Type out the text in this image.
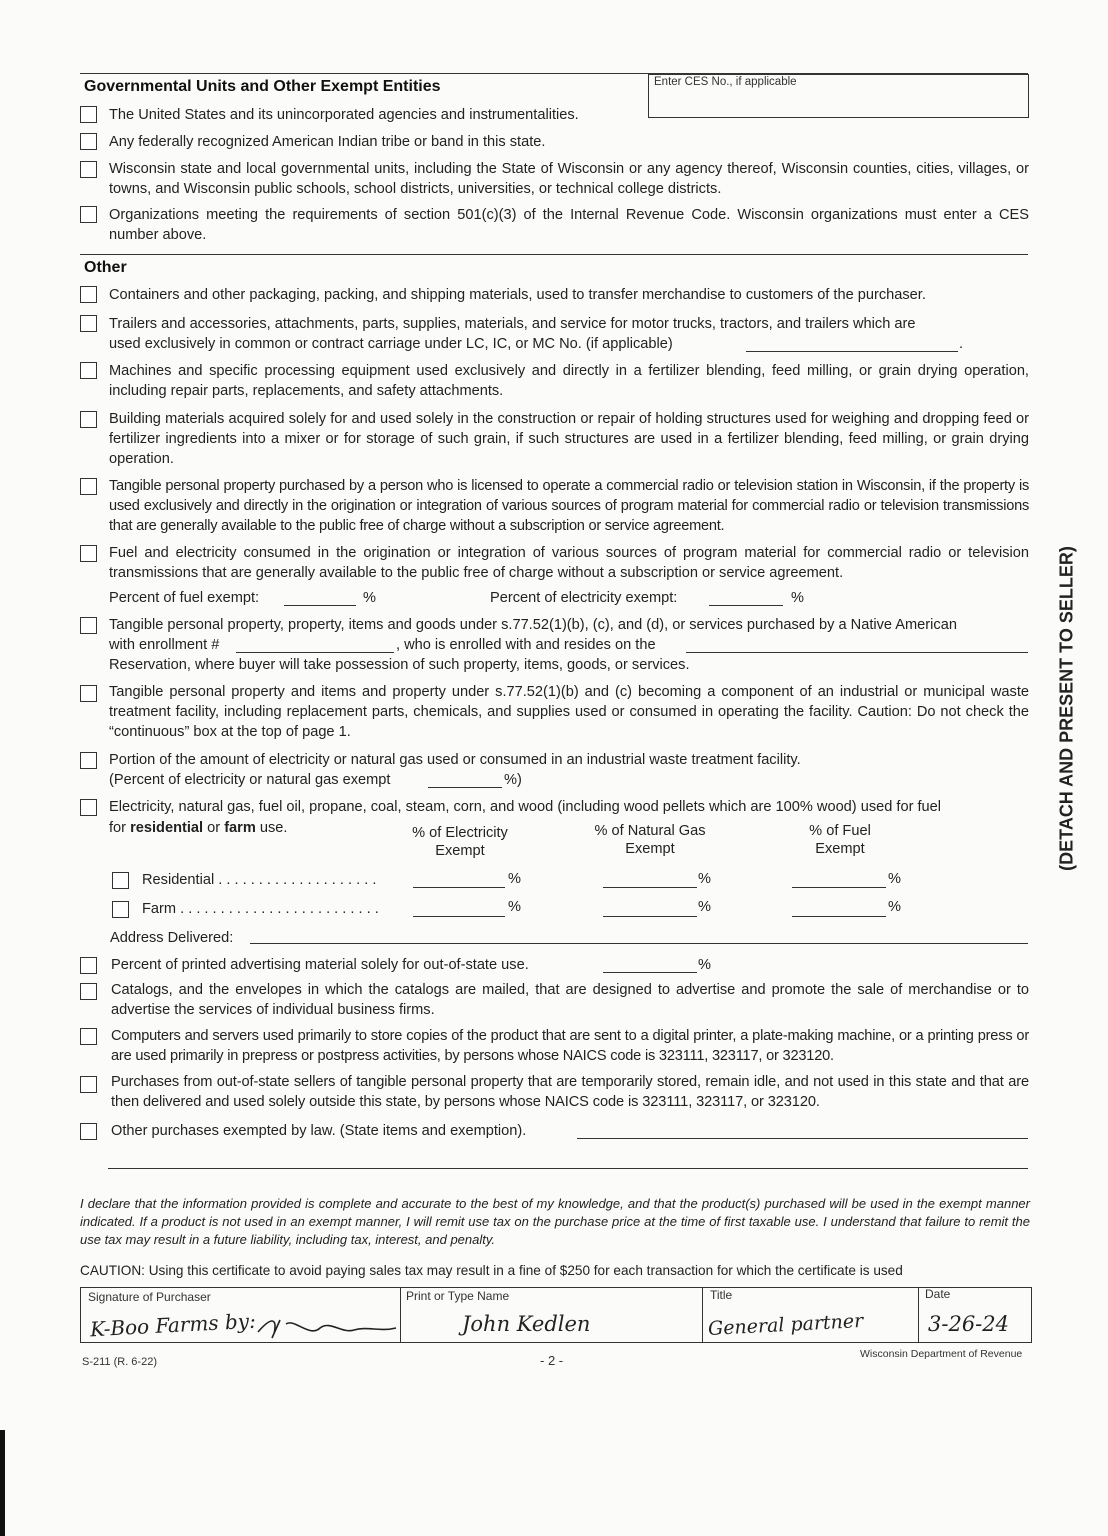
Governmental Units and Other Exempt Entities	Enter CES No., if applicable
The United States and its unincorporated agencies and instrumentalities.
Any federally recognized American Indian tribe or band in this state.
Wisconsin state and local governmental units, including the State of Wisconsin or any agency thereof, Wisconsin counties, cities, villages, or towns, and Wisconsin public schools, school districts, universities, or technical college districts.
Organizations meeting the requirements of section 501(c)(3) of the Internal Revenue Code. Wisconsin organizations must enter a CES number above.
Other
Containers and other packaging, packing, and shipping materials, used to transfer merchandise to customers of the purchaser.
Trailers and accessories, attachments, parts, supplies, materials, and service for motor trucks, tractors, and trailers which are
used exclusively in common or contract carriage under LC, IC, or MC No. (if applicable)	.
Machines and specific processing equipment used exclusively and directly in a fertilizer blending, feed milling, or grain drying operation, including repair parts, replacements, and safety attachments.
Building materials acquired solely for and used solely in the construction or repair of holding structures used for weighing and dropping feed or fertilizer ingredients into a mixer or for storage of such grain, if such structures are used in a fertilizer blending, feed milling, or grain drying operation.
Tangible personal property purchased by a person who is licensed to operate a commercial radio or television station in Wisconsin, if the property is used exclusively and directly in the origination or integration of various sources of program material for commercial radio or television transmissions that are generally available to the public free of charge without a subscription or service agreement.
Fuel and electricity consumed in the origination or integration of various sources of program material for commercial radio or television transmissions that are generally available to the public free of charge without a subscription or service agreement.
Percent of fuel exempt:	%	Percent of electricity exempt:	%
Tangible personal property, property, items and goods under s.77.52(1)(b), (c), and (d), or services purchased by a Native American
with enrollment #	, who is enrolled with and resides on the
Reservation, where buyer will take possession of such property, items, goods, or services.
Tangible personal property and items and property under s.77.52(1)(b) and (c) becoming a component of an industrial or municipal waste treatment facility, including replacement parts, chemicals, and supplies used or consumed in operating the facility. Caution: Do not check the “continuous” box at the top of page 1.
Portion of the amount of electricity or natural gas used or consumed in an industrial waste treatment facility.
(Percent of electricity or natural gas exempt	%)
Electricity, natural gas, fuel oil, propane, coal, steam, corn, and wood (including wood pellets which are 100% wood) used for fuel
for residential or farm use.	% of Electricity
Exempt
% of Natural Gas
Exempt
% of Fuel
Exempt
Residential . . . . . . . . . . . . . . . . . . . .	%	%	%
Farm . . . . . . . . . . . . . . . . . . . . . . . . .	%	%	%
Address Delivered:
Percent of printed advertising material solely for out-of-state use.	%
Catalogs, and the envelopes in which the catalogs are mailed, that are designed to advertise and promote the sale of merchandise or to advertise the services of individual business firms.
Computers and servers used primarily to store copies of the product that are sent to a digital printer, a plate-making machine, or a printing press or are used primarily in prepress or postpress activities, by persons whose NAICS code is 323111, 323117, or 323120.
Purchases from out-of-state sellers of tangible personal property that are temporarily stored, remain idle, and not used in this state and that are then delivered and used solely outside this state, by persons whose NAICS code is 323111, 323117, or 323120.
Other purchases exempted by law. (State items and exemption).
I declare that the information provided is complete and accurate to the best of my knowledge, and that the product(s) purchased will be used in the exempt manner indicated. If a product is not used in an exempt manner, I will remit use tax on the purchase price at the time of first taxable use. I understand that failure to remit the use tax may result in a future liability, including tax, interest, and penalty.
CAUTION: Using this certificate to avoid paying sales tax may result in a fine of $250 for each transaction for which the certificate is used
Signature of Purchaser	Print or Type Name	Title	Date
K-Boo Farms by:	John Kedlen	General partner	3-26-24
S-211 (R. 6-22)	- 2 -	Wisconsin Department of Revenue
(DETACH AND PRESENT TO SELLER)
